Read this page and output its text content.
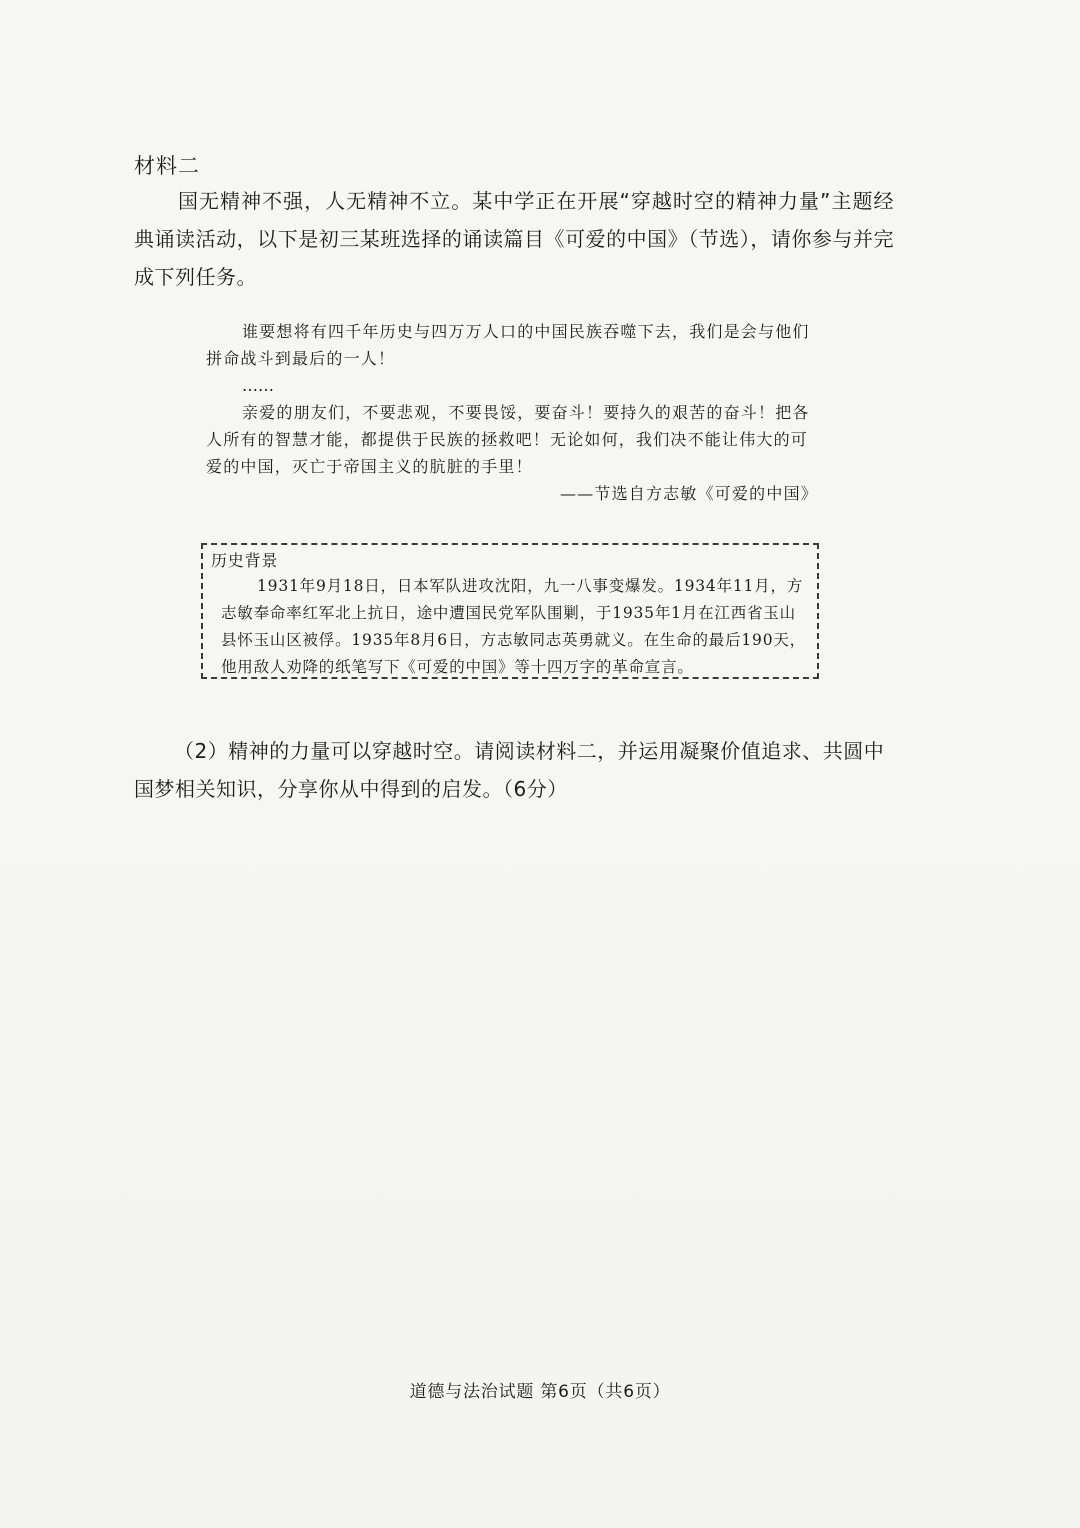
材料二
国无精神不强，人无精神不立。某中学正在开展“穿越时空的精神力量”主题经典诵读活动，以下是初三某班选择的诵读篇目《可爱的中国》（节选），请你参与并完成下列任务。

谁要想将有四千年历史与四万万人口的中国民族吞噬下去，我们是会与他们拼命战斗到最后的一人！

……

亲爱的朋友们，不要悲观，不要畏馁，要奋斗！要持久的艰苦的奋斗！把各人所有的智慧才能，都提供于民族的拯救吧！无论如何，我们决不能让伟大的可爱的中国，灭亡于帝国主义的肮脏的手里！

——节选自方志敏《可爱的中国》

历史背景

1931年9月18日，日本军队进攻沈阳，九一八事变爆发。1934年11月，方志敏奉命率红军北上抗日，途中遭国民党军队围剿，于1935年1月在江西省玉山县怀玉山区被俘。1935年8月6日，方志敏同志英勇就义。在生命的最后190天，他用敌人劝降的纸笔写下《可爱的中国》等十四万字的革命宣言。

（2）精神的力量可以穿越时空。请阅读材料二，并运用凝聚价值追求、共圆中国梦相关知识，分享你从中得到的启发。（6分）
道德与法治试题 第6页（共6页）
